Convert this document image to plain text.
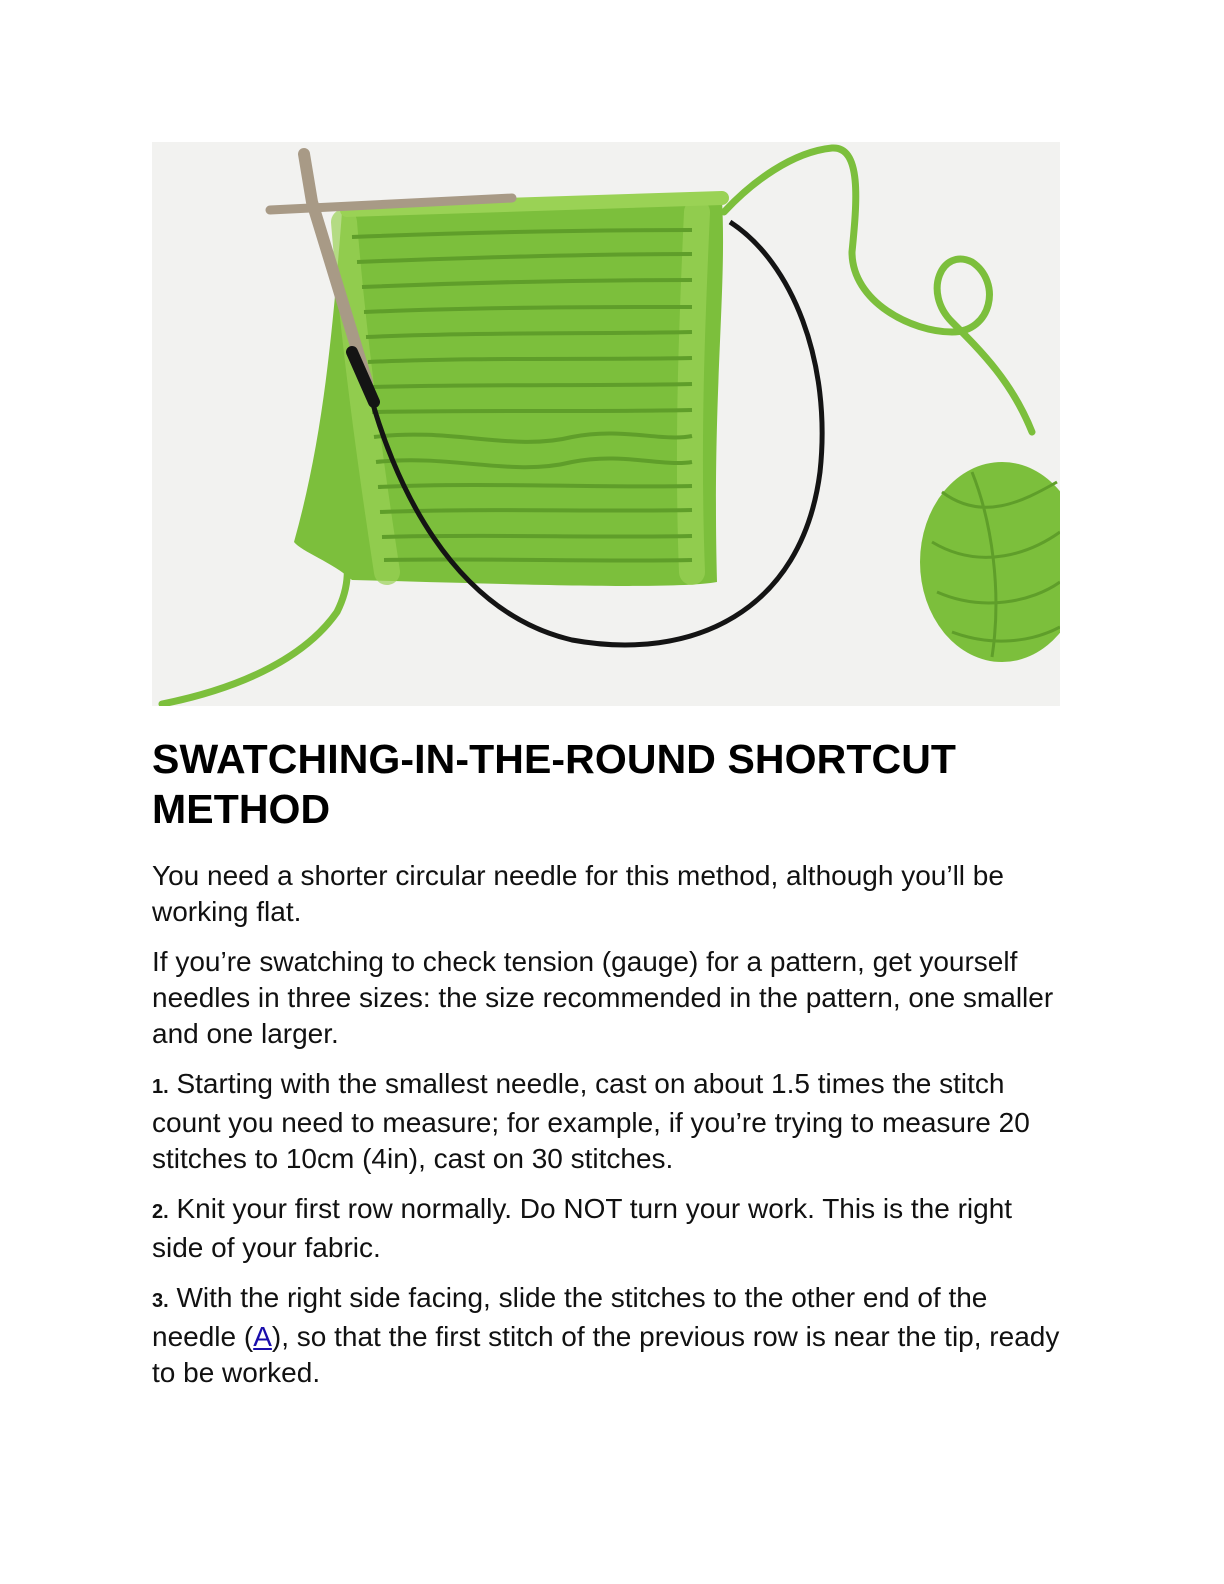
SWATCHING-IN-THE-ROUND SHORTCUT METHOD

You need a shorter circular needle for this method, although you’ll be working flat.

If you’re swatching to check tension (gauge) for a pattern, get yourself needles in three sizes: the size recommended in the pattern, one smaller and one larger.

1. Starting with the smallest needle, cast on about 1.5 times the stitch count you need to measure; for example, if you’re trying to measure 20 stitches to 10cm (4in), cast on 30 stitches.

2. Knit your first row normally. Do NOT turn your work. This is the right side of your fabric.

3. With the right side facing, slide the stitches to the other end of the needle (A), so that the first stitch of the previous row is near the tip, ready to be worked.
